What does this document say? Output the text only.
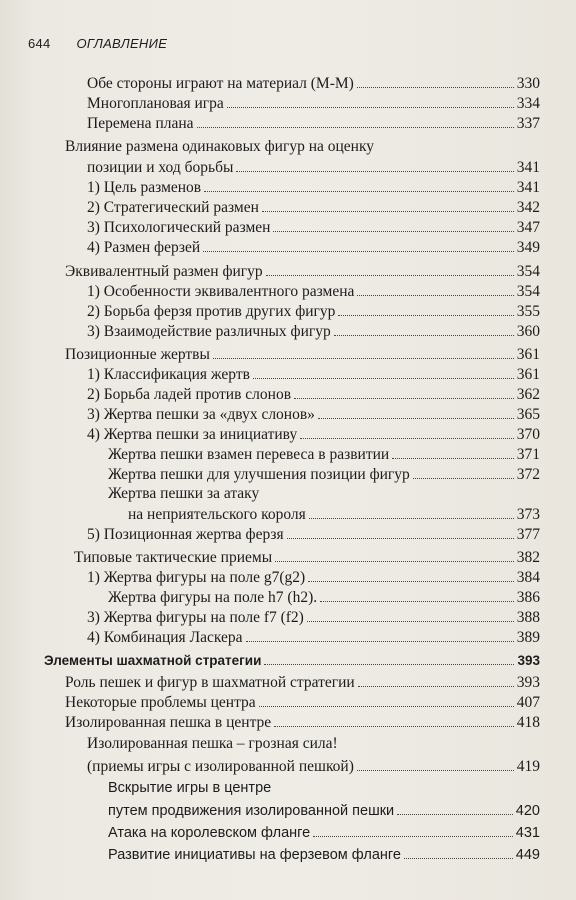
644 ОГЛАВЛЕНИЕ
Обе стороны играют на материал (М-М)	330
Многоплановая игра	334
Перемена плана	337
Влияние размена одинаковых фигур на оценку
позиции и ход борьбы	341
1) Цель разменов	341
2) Стратегический размен	342
3) Психологический размен	347
4) Размен ферзей	349
Эквивалентный размен фигур	354
1) Особенности эквивалентного размена	354
2) Борьба ферзя против других фигур	355
3) Взаимодействие различных фигур	360
Позиционные жертвы	361
1) Классификация жертв	361
2) Борьба ладей против слонов	362
3) Жертва пешки за «двух слонов»	365
4) Жертва пешки за инициативу	370
Жертва пешки взамен перевеса в развитии	371
Жертва пешки для улучшения позиции фигур	372
Жертва пешки за атаку
на неприятельского короля	373
5) Позиционная жертва ферзя	377
Типовые тактические приемы	382
1) Жертва фигуры на поле g7(g2)	384
Жертва фигуры на поле h7 (h2).	386
3) Жертва фигуры на поле f7 (f2)	388
4) Комбинация Ласкера	389
Элементы шахматной стратегии	393
Роль пешек и фигур в шахматной стратегии	393
Некоторые проблемы центра	407
Изолированная пешка в центре	418
Изолированная пешка – грозная сила!
(приемы игры с изолированной пешкой)	419
Вскрытие игры в центре
путем продвижения изолированной пешки	420
Атака на королевском фланге	431
Развитие инициативы на ферзевом фланге	449
